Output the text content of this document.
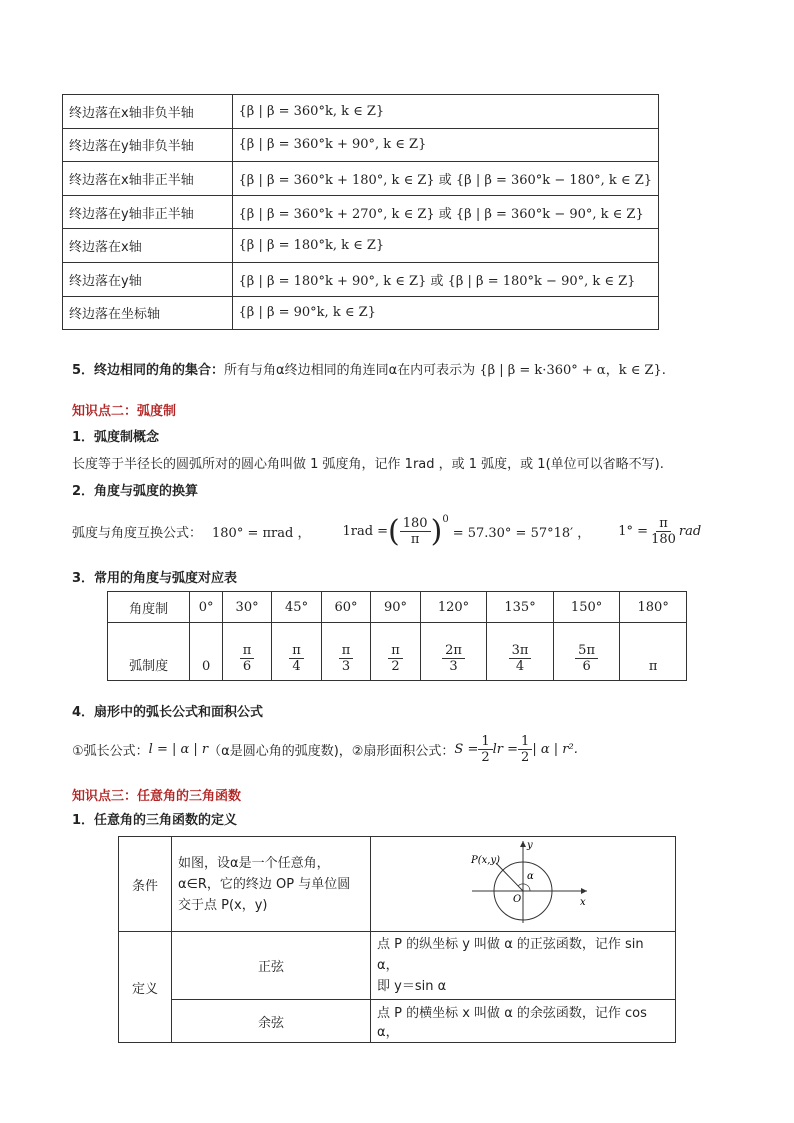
终边落在x轴非负半轴	{β | β = 360°k, k ∈ Z}
终边落在y轴非负半轴	{β | β = 360°k + 90°, k ∈ Z}
终边落在x轴非正半轴	{β | β = 360°k + 180°, k ∈ Z} 或 {β | β = 360°k − 180°, k ∈ Z}
终边落在y轴非正半轴	{β | β = 360°k + 270°, k ∈ Z} 或 {β | β = 360°k − 90°, k ∈ Z}
终边落在x轴	{β | β = 180°k, k ∈ Z}
终边落在y轴	{β | β = 180°k + 90°, k ∈ Z} 或 {β | β = 180°k − 90°, k ∈ Z}
终边落在坐标轴	{β | β = 90°k, k ∈ Z}
5．终边相同的角的集合：所有与角α终边相同的角连同α在内可表示为 {β | β = k·360° + α，k ∈ Z}.
知识点二：弧度制
1．弧度制概念
长度等于半径长的圆弧所对的圆心角叫做 1 弧度角，记作 1rad ，或 1 弧度，或 1(单位可以省略不写).
2．角度与弧度的换算
弧度与角度互换公式： 180° = πrad ， 1rad = ( $\frac{180}{\pi} )^0$
= 57.30° = 57°18′ ， $1^\circ = \frac{\pi}{180}$ rad
3．常用的角度与弧度对应表
角度制	0°	30°	45°	60°	90°	120°	135°	150°	180°
弧制度	0	$\frac{\pi}{6}$	$\frac{\pi}{4}$	$\frac{\pi}{3}$	$\frac{\pi}{2}$	$\frac{2\pi}{3}$	$\frac{3\pi}{4}$	$\frac{5\pi}{6}$	π
4．扇形中的弧长公式和面积公式
①弧长公式： l = | α | r （α是圆心角的弧度数)，②扇形面积公式： $S = \frac{1}{2}$ lr = $\frac{1}{2}$ | α | r².
知识点三：任意角的三角函数
1．任意角的三角函数的定义
条件	如图，设α是一个任意角，
α∈R，它的终边 OP 与单位圆
交于点 P(x，y)	P(x,y)
α
O x
y

定义	正弦	点 P 的纵坐标 y 叫做 α 的正弦函数，记作 sin α，
即 y＝sin α

	余弦	点 P 的横坐标 x 叫做 α 的余弦函数，记作 cos α，
